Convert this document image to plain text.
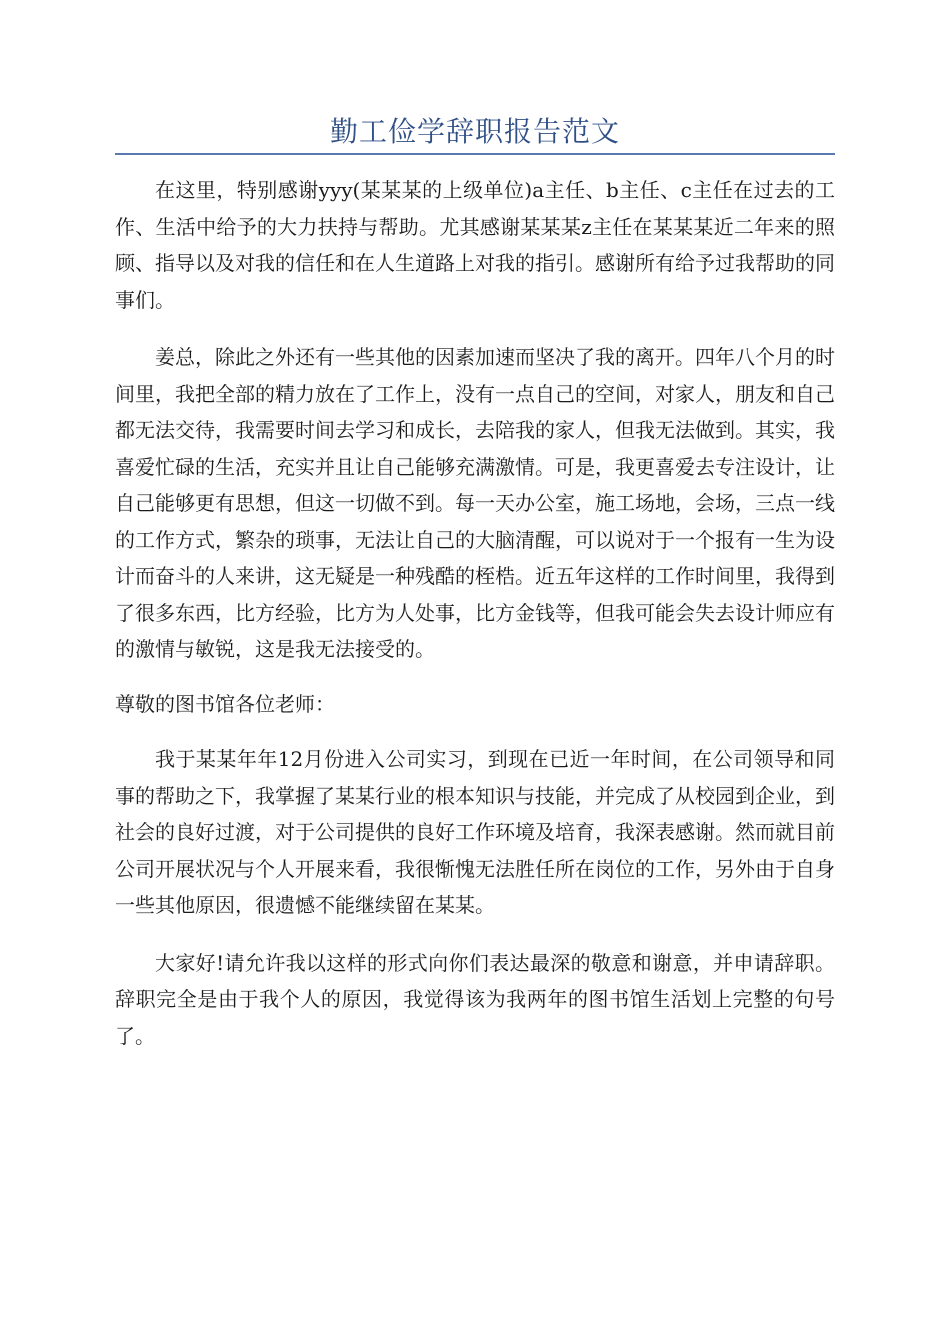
勤工俭学辞职报告范文

在这里，特别感谢yyy(某某某的上级单位)a主任、b主任、c主任在过去的工作、生活中给予的大力扶持与帮助。尤其感谢某某某z主任在某某某近二年来的照顾、指导以及对我的信任和在人生道路上对我的指引。感谢所有给予过我帮助的同事们。

姜总，除此之外还有一些其他的因素加速而坚决了我的离开。四年八个月的时间里，我把全部的精力放在了工作上，没有一点自己的空间，对家人，朋友和自己都无法交待，我需要时间去学习和成长，去陪我的家人，但我无法做到。其实，我喜爱忙碌的生活，充实并且让自己能够充满激情。可是，我更喜爱去专注设计，让自己能够更有思想，但这一切做不到。每一天办公室，施工场地，会场，三点一线的工作方式，繁杂的琐事，无法让自己的大脑清醒，可以说对于一个报有一生为设计而奋斗的人来讲，这无疑是一种残酷的桎梏。近五年这样的工作时间里，我得到了很多东西，比方经验，比方为人处事，比方金钱等，但我可能会失去设计师应有的激情与敏锐，这是我无法接受的。

尊敬的图书馆各位老师：

我于某某年年12月份进入公司实习，到现在已近一年时间，在公司领导和同事的帮助之下，我掌握了某某行业的根本知识与技能，并完成了从校园到企业，到社会的良好过渡，对于公司提供的良好工作环境及培育，我深表感谢。然而就目前公司开展状况与个人开展来看，我很惭愧无法胜任所在岗位的工作，另外由于自身一些其他原因，很遗憾不能继续留在某某。

大家好!请允许我以这样的形式向你们表达最深的敬意和谢意，并申请辞职。辞职完全是由于我个人的原因，我觉得该为我两年的图书馆生活划上完整的句号了。
